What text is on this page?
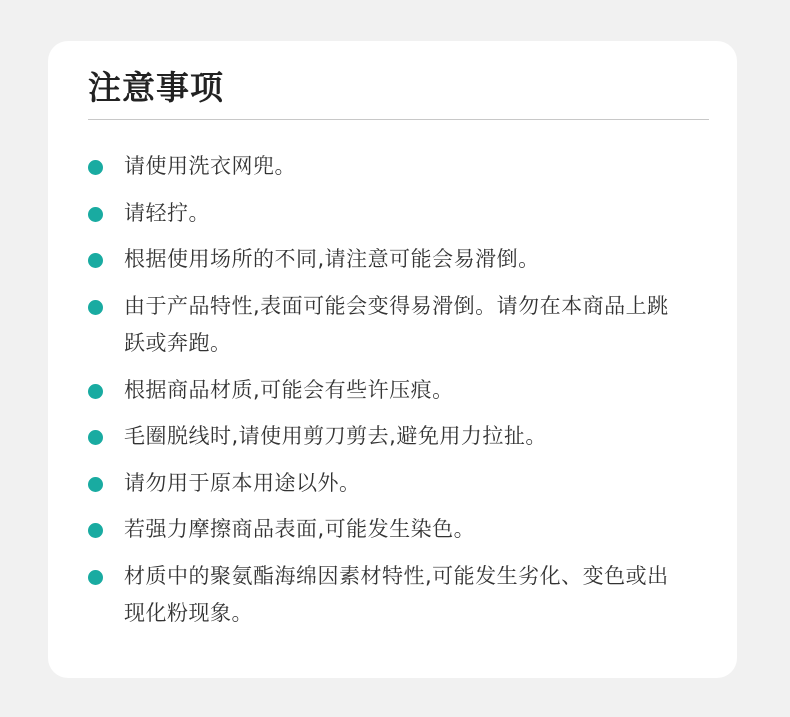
注意事项
请使用洗衣网兜。
请轻拧。
根据使用场所的不同,请注意可能会易滑倒。
由于产品特性,表面可能会变得易滑倒。请勿在本商品上跳跃或奔跑。
根据商品材质,可能会有些许压痕。
毛圈脱线时,请使用剪刀剪去,避免用力拉扯。
请勿用于原本用途以外。
若强力摩擦商品表面,可能发生染色。
材质中的聚氨酯海绵因素材特性,可能发生劣化、变色或出现化粉现象。
